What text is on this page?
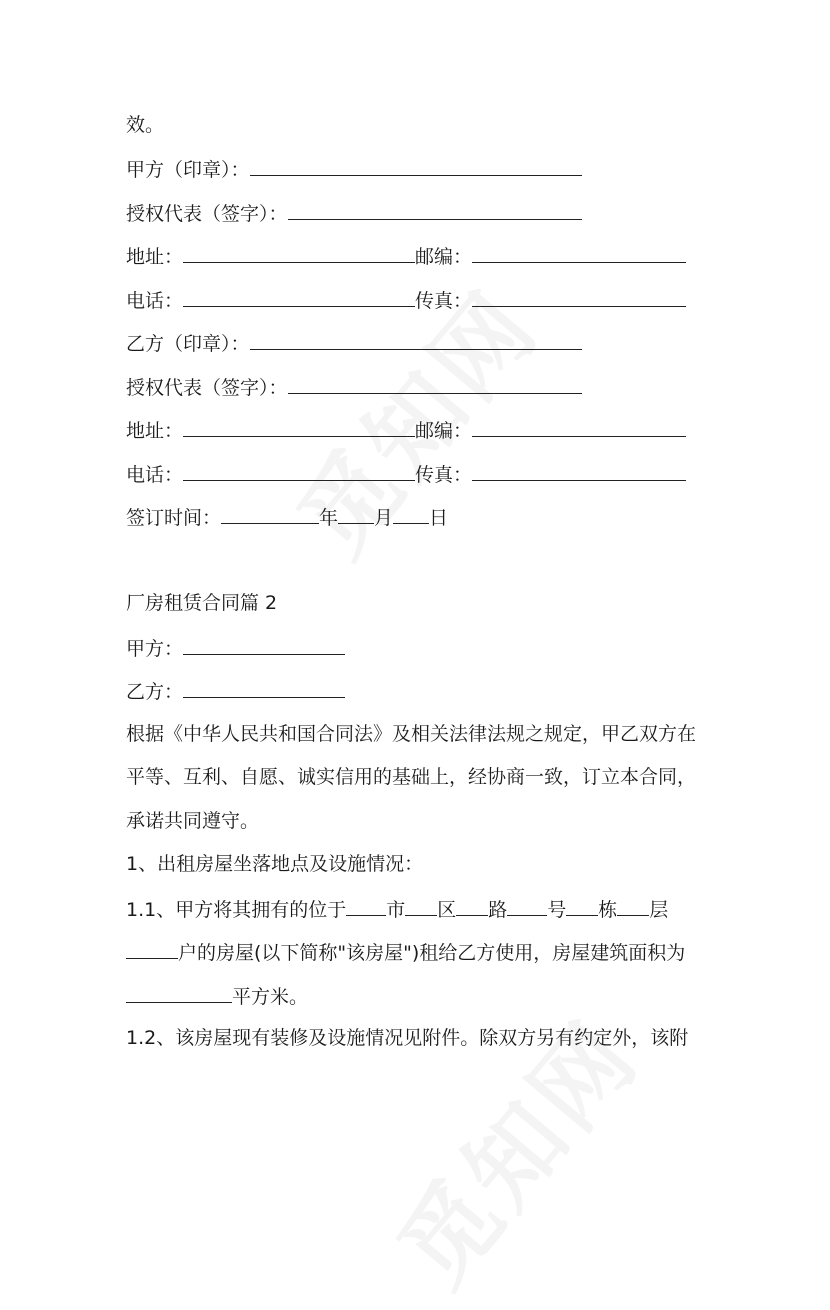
效。
甲方（印章）：
授权代表（签字）：
地址：	邮编：
电话：	传真：
乙方（印章）：
授权代表（签字）：
地址：	邮编：
电话：	传真：
签订时间：	年 月 日
厂房租赁合同篇 2
甲方：
乙方：
根据《中华人民共和国合同法》及相关法律法规之规定，甲乙双方在
平等、互利、自愿、诚实信用的基础上，经协商一致，订立本合同，
承诺共同遵守。
1、出租房屋坐落地点及设施情况：
1.1、甲方将其拥有的位于 市 区 路 号 栋 层
户的房屋(以下简称"该房屋")租给乙方使用，房屋建筑面积为
平方米。
1.2、该房屋现有装修及设施情况见附件。除双方另有约定外，该附
